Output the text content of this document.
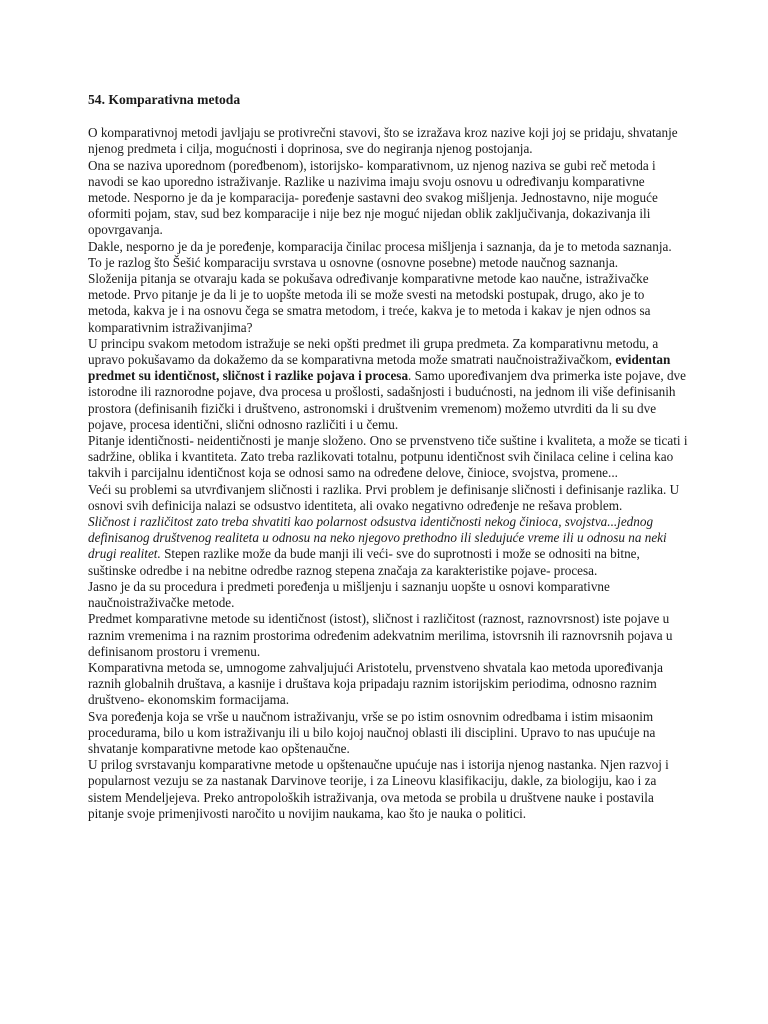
54. Komparativna metoda

O komparativnoj metodi javljaju se protivrečni stavovi, što se izražava kroz nazive koji joj se pridaju, shvatanje njenog predmeta i cilja, mogućnosti i doprinosa, sve do negiranja njenog postojanja.

Ona se naziva uporednom (poređbenom), istorijsko- komparativnom, uz njenog naziva se gubi reč metoda i navodi se kao uporedno istraživanje. Razlike u nazivima imaju svoju osnovu u određivanju komparativne metode. Nesporno je da je komparacija- poređenje sastavni deo svakog mišljenja. Jednostavno, nije moguće oformiti pojam, stav, sud bez komparacije i nije bez nje moguć nijedan oblik zaključivanja, dokazivanja ili opovrgavanja.

Dakle, nesporno je da je poređenje, komparacija činilac procesa mišljenja i saznanja, da je to metoda saznanja. To je razlog što Šešić komparaciju svrstava u osnovne (osnovne posebne) metode naučnog saznanja.

Složenija pitanja se otvaraju kada se pokušava određivanje komparativne metode kao naučne, istraživačke metode. Prvo pitanje je da li je to uopšte metoda ili se može svesti na metodski postupak, drugo, ako je to metoda, kakva je i na osnovu čega se smatra metodom, i treće, kakva je to metoda i kakav je njen odnos sa komparativnim istraživanjima?

U principu svakom metodom istražuje se neki opšti predmet ili grupa predmeta. Za komparativnu metodu, a upravo pokušavamo da dokažemo da se komparativna metoda može smatrati naučnoistraživačkom, evidentan predmet su identičnost, sličnost i razlike pojava i procesa. Samo upoređivanjem dva primerka iste pojave, dve istorodne ili raznorodne pojave, dva procesa u prošlosti, sadašnjosti i budućnosti, na jednom ili više definisanih prostora (definisanih fizički i društveno, astronomski i društvenim vremenom) možemo utvrditi da li su dve pojave, procesa identični, slični odnosno različiti i u čemu.

Pitanje identičnosti- neidentičnosti je manje složeno. Ono se prvenstveno tiče suštine i kvaliteta, a može se ticati i sadržine, oblika i kvantiteta. Zato treba razlikovati totalnu, potpunu identičnost svih činilaca celine i celina kao takvih i parcijalnu identičnost koja se odnosi samo na određene delove, činioce, svojstva, promene...

Veći su problemi sa utvrđivanjem sličnosti i razlika. Prvi problem je definisanje sličnosti i definisanje razlika. U osnovi svih definicija nalazi se odsustvo identiteta, ali ovako negativno određenje ne rešava problem.

Sličnost i različitost zato treba shvatiti kao polarnost odsustva identičnosti nekog činioca, svojstva...jednog definisanog društvenog realiteta u odnosu na neko njegovo prethodno ili sledujuće vreme ili u odnosu na neki drugi realitet. Stepen razlike može da bude manji ili veći- sve do suprotnosti i može se odnositi na bitne, suštinske odredbe i na nebitne odredbe raznog stepena značaja za karakteristike pojave- procesa.

Jasno je da su procedura i predmeti poređenja u mišljenju i saznanju uopšte u osnovi komparativne naučnoistraživačke metode.

Predmet komparativne metode su identičnost (istost), sličnost i različitost (raznost, raznovrsnost) iste pojave u raznim vremenima i na raznim prostorima određenim adekvatnim merilima, istovrsnih ili raznovrsnih pojava u definisanom prostoru i vremenu.

Komparativna metoda se, umnogome zahvaljujući Aristotelu, prvenstveno shvatala kao metoda upoređivanja raznih globalnih društava, a kasnije i društava koja pripadaju raznim istorijskim periodima, odnosno raznim društveno- ekonomskim formacijama.

Sva poređenja koja se vrše u naučnom istraživanju, vrše se po istim osnovnim odredbama i istim misaonim procedurama, bilo u kom istraživanju ili u bilo kojoj naučnoj oblasti ili disciplini. Upravo to nas upućuje na shvatanje komparativne metode kao opštenaučne.

U prilog svrstavanju komparativne metode u opštenaučne upućuje nas i istorija njenog nastanka. Njen razvoj i popularnost vezuju se za nastanak Darvinove teorije, i za Lineovu klasifikaciju, dakle, za biologiju, kao i za sistem Mendeljejeva. Preko antropoloških istraživanja, ova metoda se probila u društvene nauke i postavila pitanje svoje primenjivosti naročito u novijim naukama, kao što je nauka o politici.
